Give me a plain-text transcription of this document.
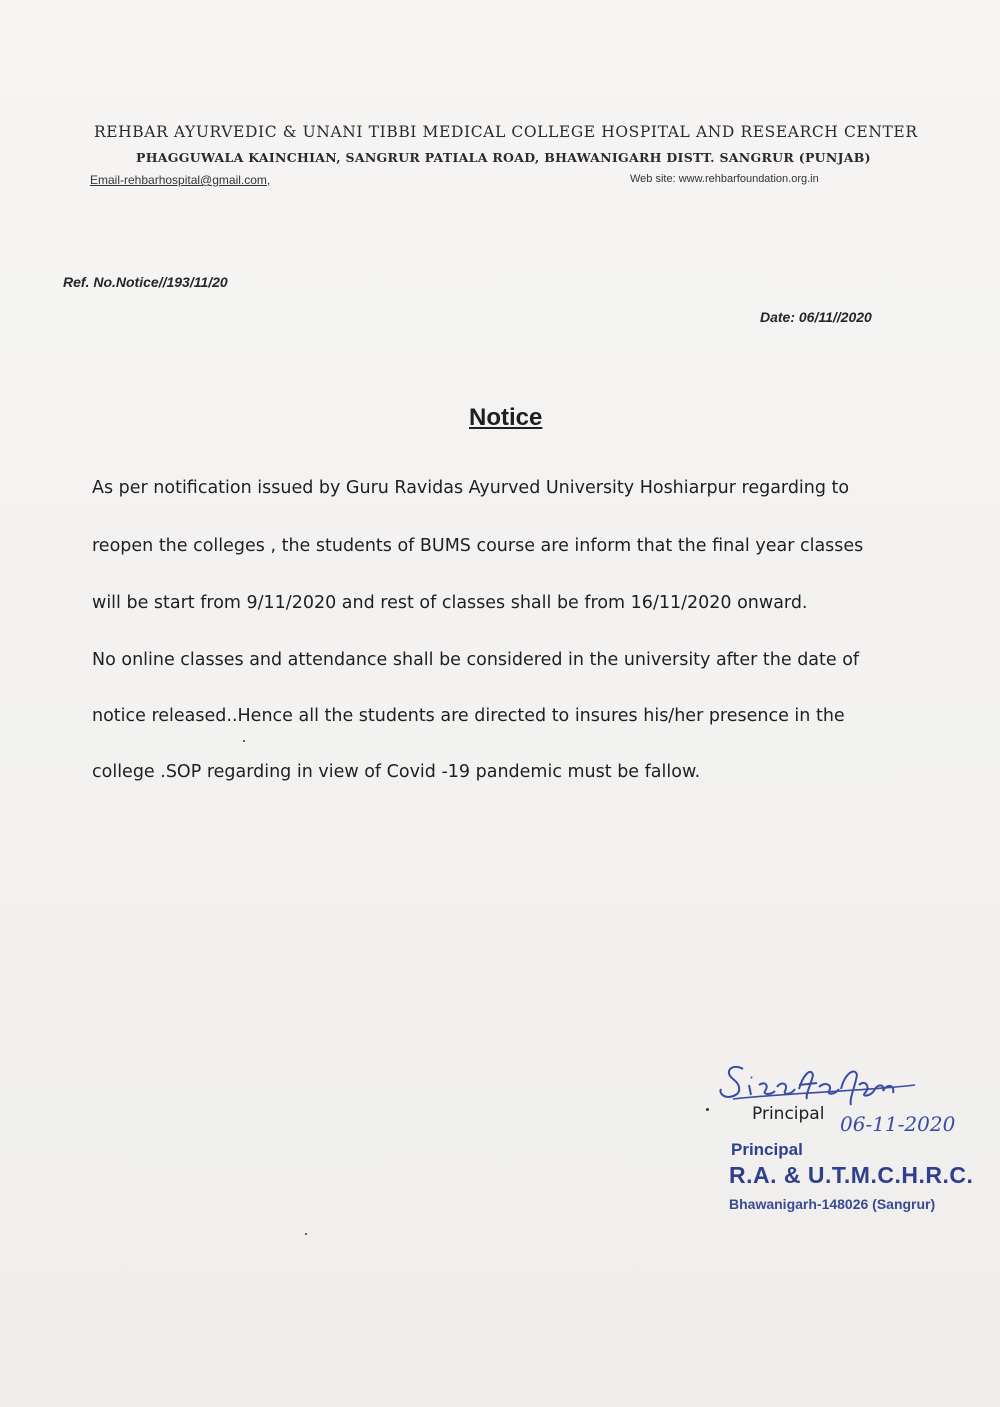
REHBAR AYURVEDIC & UNANI TIBBI MEDICAL COLLEGE HOSPITAL AND RESEARCH CENTER
PHAGGUWALA KAINCHIAN, SANGRUR PATIALA ROAD, BHAWANIGARH DISTT. SANGRUR (PUNJAB)
Email-rehbarhospital@gmail.com,	Web site: www.rehbarfoundation.org.in
Ref. No.Notice//193/11/20
Date: 06/11//2020
Notice
As per notification issued by Guru Ravidas Ayurved University Hoshiarpur regarding to
reopen the colleges , the students of BUMS course are inform that the final year classes
will be start from 9/11/2020 and rest of classes shall be from 16/11/2020 onward.
No online classes and attendance shall be considered in the university after the date of
notice released..Hence all the students are directed to insures his/her presence in the
college .SOP regarding in view of Covid -19 pandemic must be fallow.
06-11-2020
Principal
Principal
R.A. & U.T.M.C.H.R.C.
Bhawanigarh-148026 (Sangrur)
